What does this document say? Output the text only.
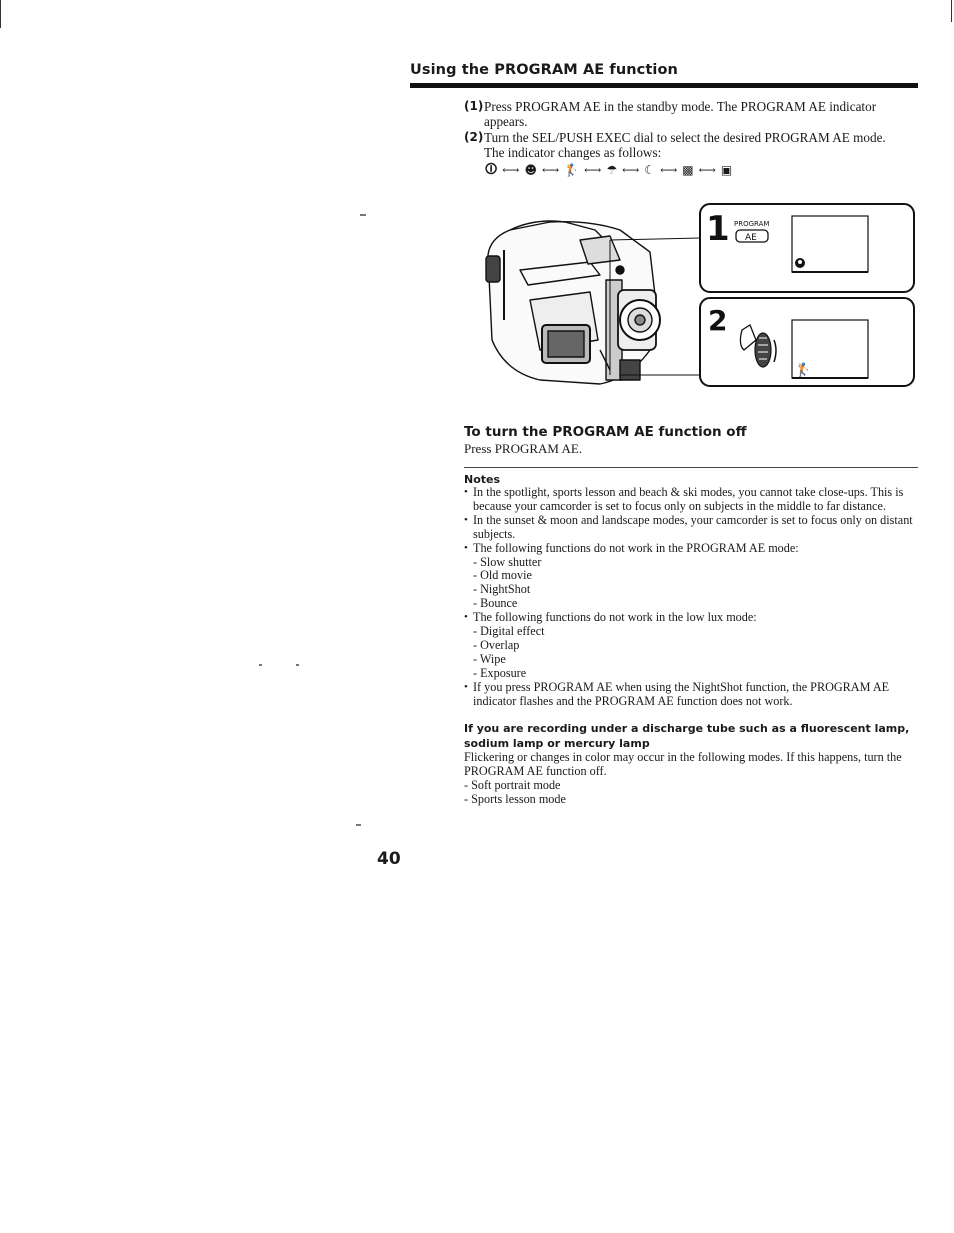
Using the PROGRAM AE function
(1) Press PROGRAM AE in the standby mode. The PROGRAM AE indicator appears.
(2) Turn the SEL/PUSH EXEC dial to select the desired PROGRAM AE mode. The indicator changes as follows:
🛈 ⟷ ☻ ⟷ 🏌 ⟷ ☂ ⟷ ☾ ⟷ ▩ ⟷ ▣
1 PROGRAM
AE
2
🏌
To turn the PROGRAM AE function off
Press PROGRAM AE.
Notes
• In the spotlight, sports lesson and beach & ski modes, you cannot take close-ups. This is because your camcorder is set to focus only on subjects in the middle to far distance.
• In the sunset & moon and landscape modes, your camcorder is set to focus only on distant subjects.
• The following functions do not work in the PROGRAM AE mode:
- Slow shutter
- Old movie
- NightShot
- Bounce
• The following functions do not work in the low lux mode:
- Digital effect
- Overlap
- Wipe
- Exposure
• If you press PROGRAM AE when using the NightShot function, the PROGRAM AE indicator flashes and the PROGRAM AE function does not work.
If you are recording under a discharge tube such as a fluorescent lamp, sodium lamp or mercury lamp
Flickering or changes in color may occur in the following modes. If this happens, turn the PROGRAM AE function off.
- Soft portrait mode
- Sports lesson mode
40
